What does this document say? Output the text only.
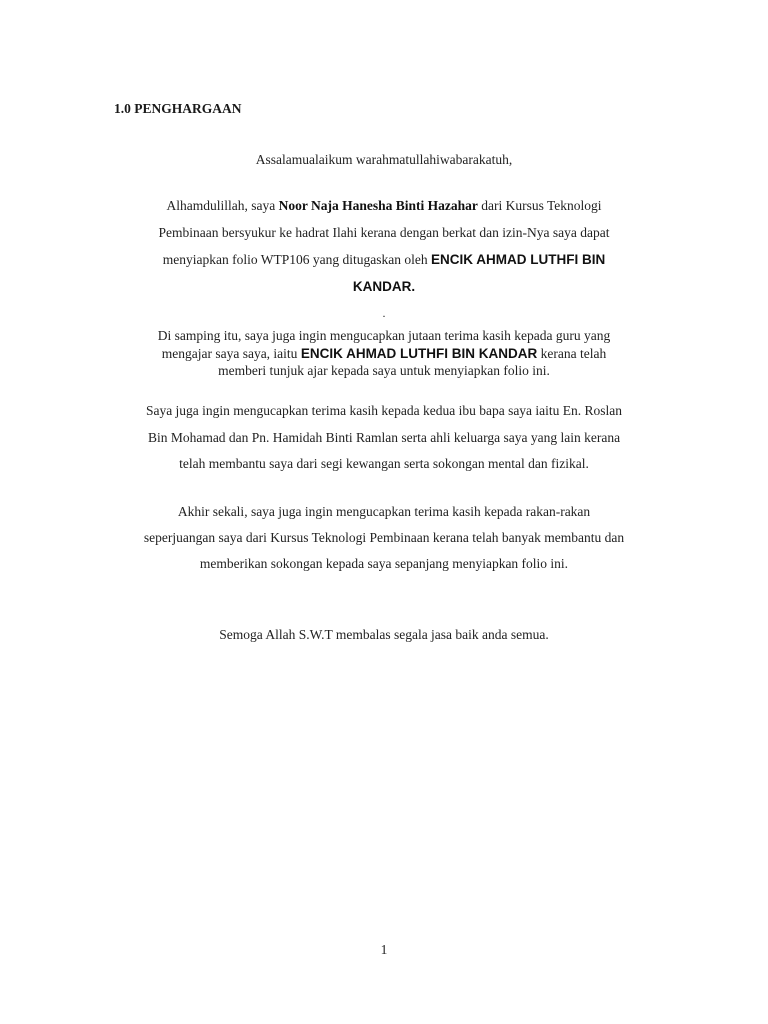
1.0 PENGHARGAAN
Assalamualaikum warahmatullahiwabarakatuh,
Alhamdulillah, saya Noor Naja Hanesha Binti Hazahar dari Kursus Teknologi
Pembinaan bersyukur ke hadrat Ilahi kerana dengan berkat dan izin-Nya saya dapat
menyiapkan folio WTP106 yang ditugaskan oleh ENCIK AHMAD LUTHFI BIN
KANDAR.
.
Di samping itu, saya juga ingin mengucapkan jutaan terima kasih kepada guru yang
mengajar saya saya, iaitu ENCIK AHMAD LUTHFI BIN KANDAR kerana telah
memberi tunjuk ajar kepada saya untuk menyiapkan folio ini.
Saya juga ingin mengucapkan terima kasih kepada kedua ibu bapa saya iaitu En. Roslan
Bin Mohamad dan Pn. Hamidah Binti Ramlan serta ahli keluarga saya yang lain kerana
telah membantu saya dari segi kewangan serta sokongan mental dan fizikal.
Akhir sekali, saya juga ingin mengucapkan terima kasih kepada rakan-rakan
seperjuangan saya dari Kursus Teknologi Pembinaan kerana telah banyak membantu dan
memberikan sokongan kepada saya sepanjang menyiapkan folio ini.
Semoga Allah S.W.T membalas segala jasa baik anda semua.
1
